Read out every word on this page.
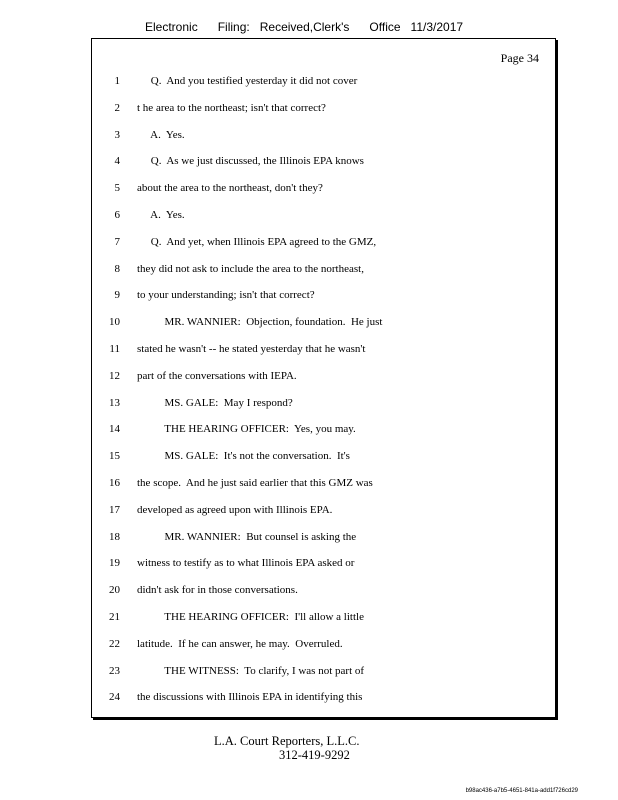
Electronic Filing: Received,Clerk's Office 11/3/2017
Page 34
1 Q.  And you testified yesterday it did not cover
2 t he area to the northeast; isn't that correct?
3 A.  Yes.
4 Q.  As we just discussed, the Illinois EPA knows
5 about the area to the northeast, don't they?
6 A.  Yes.
7 Q.  And yet, when Illinois EPA agreed to the GMZ,
8 they did not ask to include the area to the northeast,
9 to your understanding; isn't that correct?
10 MR. WANNIER:  Objection, foundation.  He just
11 stated he wasn't -- he stated yesterday that he wasn't
12 part of the conversations with IEPA.
13 MS. GALE:  May I respond?
14 THE HEARING OFFICER:  Yes, you may.
15 MS. GALE:  It's not the conversation.  It's
16 the scope.  And he just said earlier that this GMZ was
17 developed as agreed upon with Illinois EPA.
18 MR. WANNIER:  But counsel is asking the
19 witness to testify as to what Illinois EPA asked or
20 didn't ask for in those conversations.
21 THE HEARING OFFICER:  I'll allow a little
22 latitude.  If he can answer, he may.  Overruled.
23 THE WITNESS:  To clarify, I was not part of
24 the discussions with Illinois EPA in identifying this
L.A. Court Reporters, L.L.C.
312-419-9292
b98ac436-a7b5-4651-841a-add1f726cd29
